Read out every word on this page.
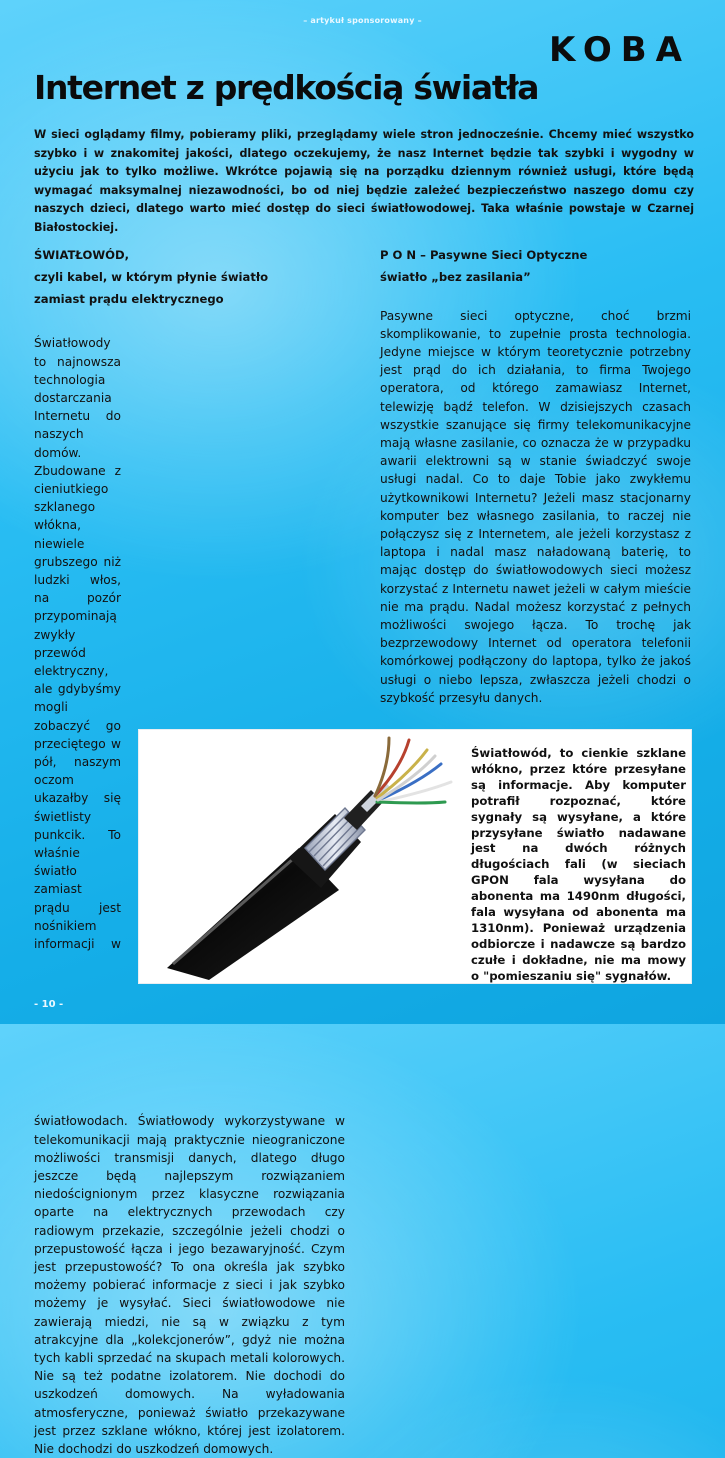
– artykuł sponsorowany –
KOBA
Internet z prędkością światła

W sieci oglądamy filmy, pobieramy pliki, przeglądamy wiele stron jednocześnie. Chcemy mieć wszystko szybko i w znakomitej jakości, dlatego oczekujemy, że nasz Internet będzie tak szybki i wygodny w użyciu jak to tylko możliwe. Wkrótce pojawią się na porządku dziennym również usługi, które będą wymagać maksymalnej niezawodności, bo od niej będzie zależeć bezpieczeństwo naszego domu czy naszych dzieci, dlatego warto mieć dostęp do sieci światłowodowej. Taka właśnie powstaje w Czarnej Białostockiej.

ŚWIATŁOWÓD,
czyli kabel, w którym płynie światło
zamiast prądu elektrycznego

Światłowody to najnowsza technologia dostarczania Internetu do naszych domów. Zbudowane z cieniutkiego szklanego włókna, niewiele grubszego niż ludzki włos, na pozór przypominają zwykły przewód elektryczny, ale gdybyśmy mogli zobaczyć go przeciętego w pół, naszym oczom ukazałby się świetlisty punkcik. To właśnie światło zamiast prądu jest nośnikiem informacji w światłowodach. Światłowody wykorzystywane w telekomunikacji mają praktycznie nieograniczone możliwości transmisji danych, dlatego długo jeszcze będą najlepszym rozwiązaniem niedoścignionym przez klasyczne rozwiązania oparte na elektrycznych przewodach czy radiowym przekazie, szczególnie jeżeli chodzi o przepustowość łącza i jego bezawaryjność. Czym jest przepustowość? To ona określa jak szybko możemy pobierać informacje z sieci i jak szybko możemy je wysyłać. Sieci światłowodowe nie zawierają miedzi, nie są w związku z tym atrakcyjne dla „kolekcjonerów”, gdyż nie można tych kabli sprzedać na skupach metali kolorowych. Nie są też podatne izolatorem. Nie dochodi do uszkodzeń domowych. Na wyładowania atmosferyczne, ponieważ światło przekazywane jest przez szklane włókno, której jest izolatorem. Nie dochodzi do uszkodzeń domowych.

P O N – Pasywne Sieci Optyczne
światło „bez zasilania”

Pasywne sieci optyczne, choć brzmi skomplikowanie, to zupełnie prosta technologia. Jedyne miejsce w którym teoretycznie potrzebny jest prąd do ich działania, to firma Twojego operatora, od którego zamawiasz Internet, telewizję bądź telefon. W dzisiejszych czasach wszystkie szanujące się firmy telekomunikacyjne mają własne zasilanie, co oznacza że w przypadku awarii elektrowni są w stanie świadczyć swoje usługi nadal. Co to daje Tobie jako zwykłemu użytkownikowi Internetu? Jeżeli masz stacjonarny komputer bez własnego zasilania, to raczej nie połączysz się z Internetem, ale jeżeli korzystasz z laptopa i nadal masz naładowaną baterię, to mając dostęp do światłowodowych sieci możesz korzystać z Internetu nawet jeżeli w całym mieście nie ma prądu. Nadal możesz korzystać z pełnych możliwości swojego łącza. To trochę jak bezprzewodowy Internet od operatora telefonii komórkowej podłączony do laptopa, tylko że jakoś usługi o niebo lepsza, zwłaszcza jeżeli chodzi o szybkość przesyłu danych.

Światłowód, to cienkie szklane włókno, przez które przesyłane są informacje. Aby komputer potrafił rozpoznać, które sygnały są wysyłane, a które przysyłane światło nadawane jest na dwóch różnych długościach fali (w sieciach GPON fala wysyłana do abonenta ma 1490nm długości, fala wysyłana od abonenta ma 1310nm). Ponieważ urządzenia odbiorcze i nadawcze są bardzo czułe i dokładne, nie ma mowy o "pomieszaniu się" sygnałów.

- 10 -
